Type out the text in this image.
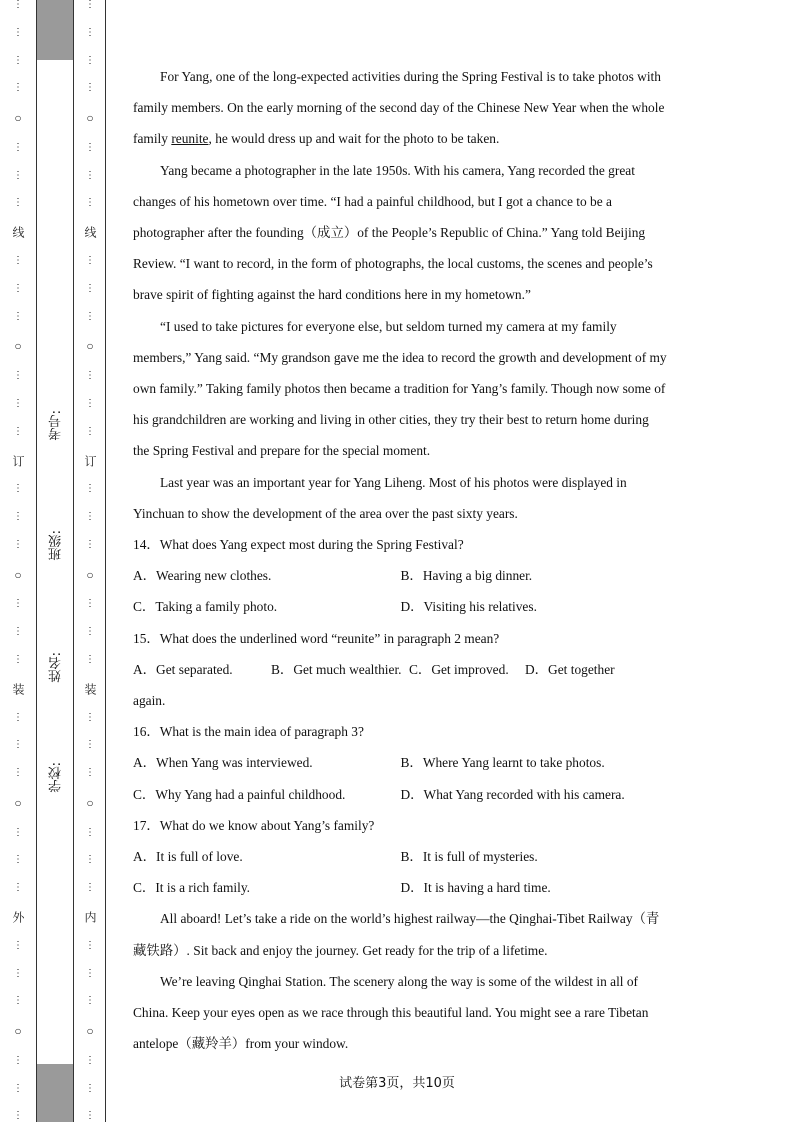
⋮
⋮
⋮
⋮
○
⋮
⋮
⋮
线
⋮
⋮
⋮
○
⋮
⋮
⋮
订
⋮
⋮
⋮
○
⋮
⋮
⋮
装
⋮
⋮
⋮
○
⋮
⋮
⋮
外
⋮
⋮
⋮
○
⋮
⋮
⋮
考号:
班级:
姓名:
学校:
⋮
⋮
⋮
⋮
○
⋮
⋮
⋮
线
⋮
⋮
⋮
○
⋮
⋮
⋮
订
⋮
⋮
⋮
○
⋮
⋮
⋮
装
⋮
⋮
⋮
○
⋮
⋮
⋮
内
⋮
⋮
⋮
○
⋮
⋮
⋮

For Yang, one of the long-expected activities during the Spring Festival is to take photos with family members. On the early morning of the second day of the Chinese New Year when the whole family reunite, he would dress up and wait for the photo to be taken.

Yang became a photographer in the late 1950s. With his camera, Yang recorded the great changes of his hometown over time. “I had a painful childhood, but I got a chance to be a photographer after the founding（成立）of the People’s Republic of China.” Yang told Beijing Review. “I want to record, in the form of photographs, the local customs, the scenes and people’s brave spirit of fighting against the hard conditions here in my hometown.”

“I used to take pictures for everyone else, but seldom turned my camera at my family members,” Yang said. “My grandson gave me the idea to record the growth and development of my own family.” Taking family photos then became a tradition for Yang’s family. Though now some of his grandchildren are working and living in other cities, they try their best to return home during the Spring Festival and prepare for the special moment.

Last year was an important year for Yang Liheng. Most of his photos were displayed in Yinchuan to show the development of the area over the past sixty years.

14．What does Yang expect most during the Spring Festival?

A．Wearing new clothes.	B．Having a big dinner.
C．Taking a family photo.	D．Visiting his relatives.

15．What does the underlined word “reunite” in paragraph 2 mean?

A．Get separated.	B．Get much wealthier. C．Get improved.	D．Get together

again.

16．What is the main idea of paragraph 3?

A．When Yang was interviewed.	B．Where Yang learnt to take photos.
C．Why Yang had a painful childhood.	D．What Yang recorded with his camera.

17．What do we know about Yang’s family?

A．It is full of love.	B．It is full of mysteries.
C．It is a rich family.	D．It is having a hard time.

All aboard! Let’s take a ride on the world’s highest railway—the Qinghai-Tibet Railway（青藏铁路）. Sit back and enjoy the journey. Get ready for the trip of a lifetime.

We’re leaving Qinghai Station. The scenery along the way is some of the wildest in all of China. Keep your eyes open as we race through this beautiful land. You might see a rare Tibetan antelope（藏羚羊）from your window.

试卷第3页，共10页
